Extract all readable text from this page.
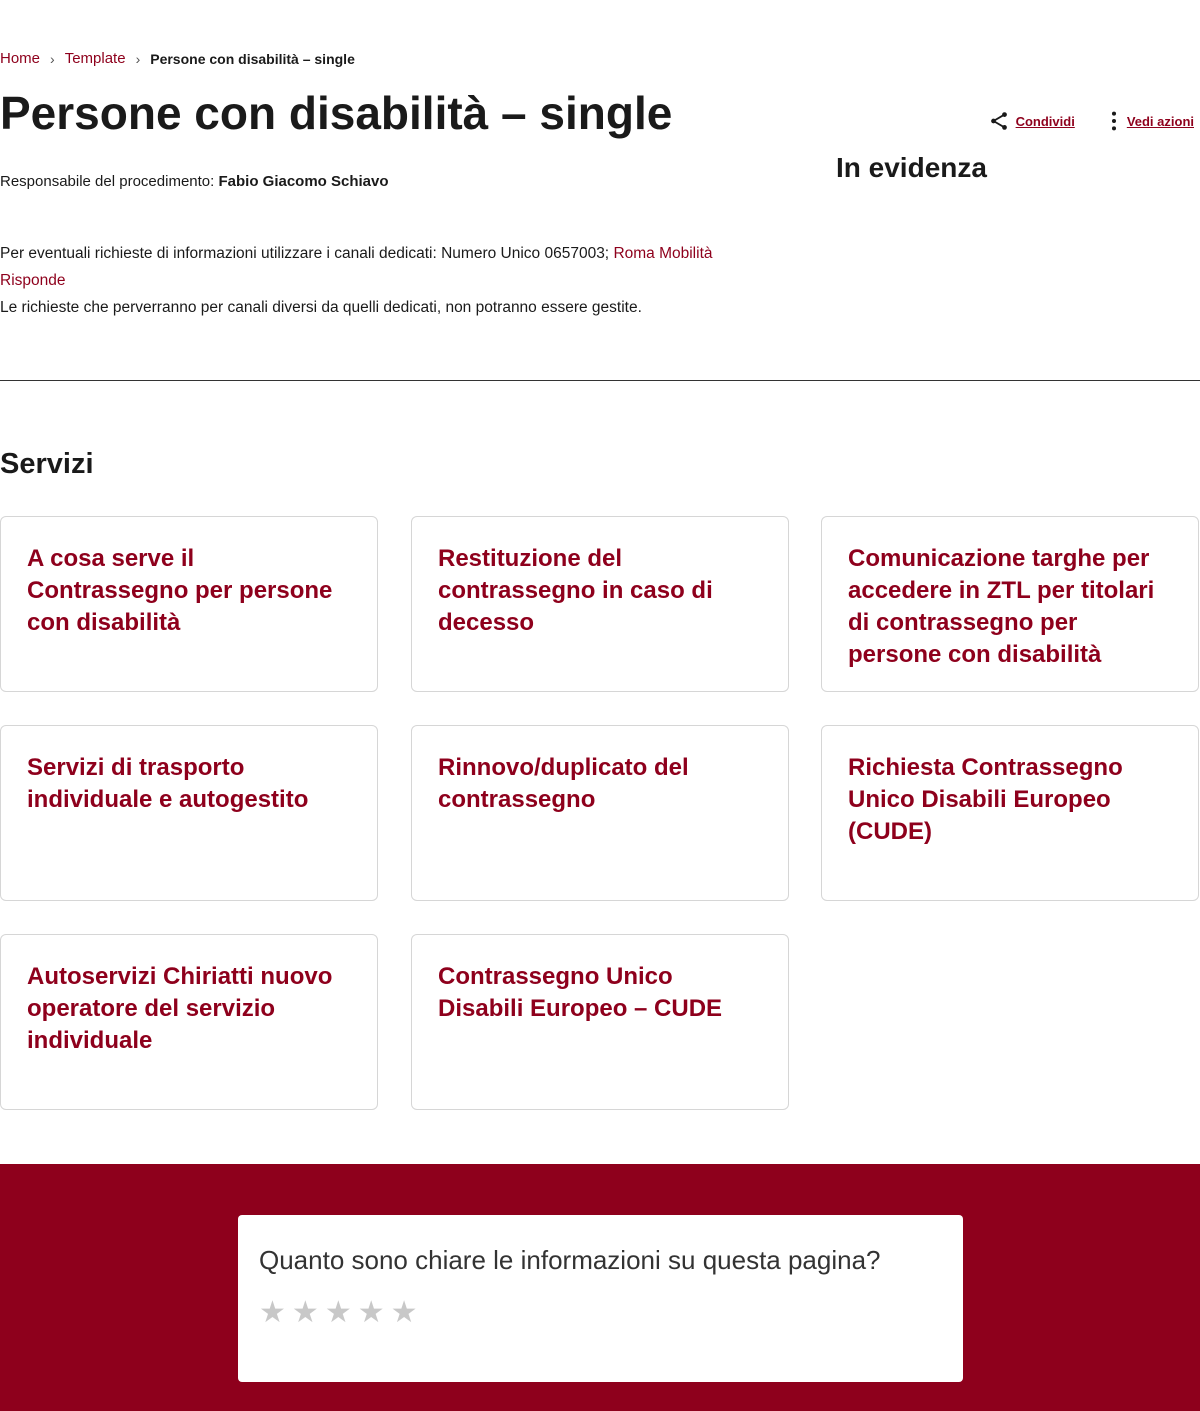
Home › Template › Persone con disabilità – single
Persone con disabilità – single	Condividi	Vedi azioni
In evidenza
Responsabile del procedimento: Fabio Giacomo Schiavo
Per eventuali richieste di informazioni utilizzare i canali dedicati: Numero Unico 0657003; Roma Mobilità Risponde
Le richieste che perverranno per canali diversi da quelli dedicati, non potranno essere gestite.
Servizi
A cosa serve il Contrassegno per persone con disabilità
Restituzione del contrassegno in caso di decesso
Comunicazione targhe per accedere in ZTL per titolari di contrassegno per persone con disabilità
Servizi di trasporto individuale e autogestito
Rinnovo/duplicato del contrassegno
Richiesta Contrassegno Unico Disabili Europeo (CUDE)
Autoservizi Chiriatti nuovo operatore del servizio individuale
Contrassegno Unico Disabili Europeo – CUDE
Quanto sono chiare le informazioni su questa pagina?
★ ★ ★ ★ ★
